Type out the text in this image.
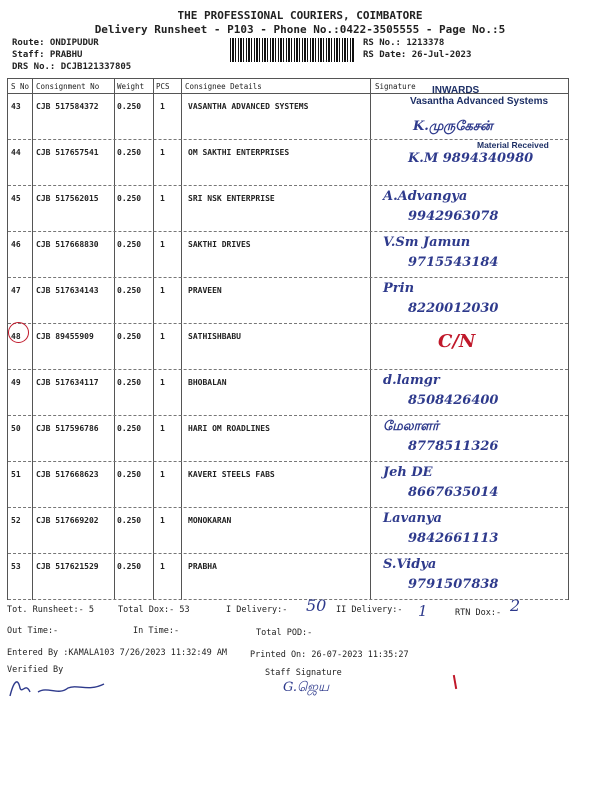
THE PROFESSIONAL COURIERS, COIMBATORE
Delivery Runsheet - P103 - Phone No.:0422-3505555 - Page No.:5
Route: ONDIPUDUR
Staff: PRABHU
DRS No.: DCJB121337805
RS No.: 1213378
RS Date: 26-Jul-2023
S No Consignment No Weight PCS Consignee Details	Signature
43 CJB 517584372 0.250 1	VASANTHA ADVANCED SYSTEMS
K.முருகேசன்
44 CJB 517657541 0.250 1	OM SAKTHI ENTERPRISES	K.M 9894340980
45 CJB 517562015 0.250 1	SRI NSK ENTERPRISE	A.Advangya
9942963078
46 CJB 517668830 0.250 1	SAKTHI DRIVES	V.Sm Jamun
9715543184
47 CJB 517634143 0.250 1	PRAVEEN	Prin
8220012030
48 CJB 89455909	0.250 1	SATHISHBABU	C/N
49 CJB 517634117 0.250 1	BHOBALAN	d.lamgr
8508426400
50 CJB 517596786 0.250 1	HARI OM ROADLINES	மேலாளர்
8778511326
51 CJB 517668623 0.250 1	KAVERI STEELS FABS	Jeh DE
8667635014
52 CJB 517669202 0.250 1	MONOKARAN	Lavanya
9842661113
53 CJB 517621529 0.250 1	PRABHA	S.Vidya
9791507838
INWARDS
Vasantha Advanced Systems
Material Received
Tot. Runsheet:- 5	Total Dox:- 53	I Delivery:- 50 II Delivery:- 1	RTN Dox:- 2
Out Time:-	In Time:-	Total POD:-
Entered By :KAMALA103 7/26/2023 11:32:49 AM	Printed On: 26-07-2023 11:35:27
Verified By	Staff Signature
G.ஜெய
